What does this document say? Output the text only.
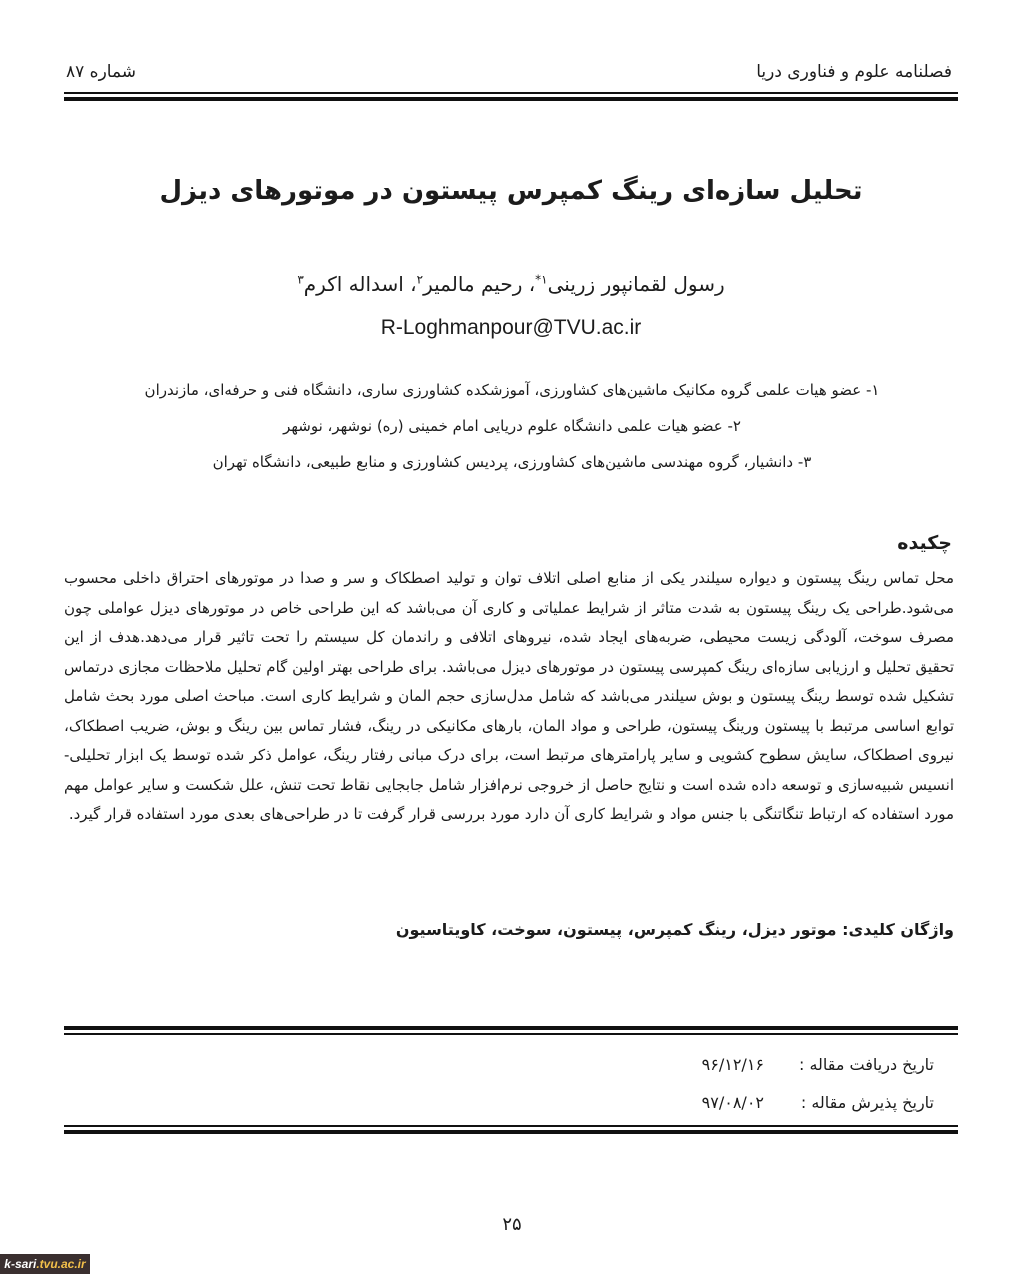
فصلنامه علوم و فناوری دریا
شماره ۸۷
تحلیل سازه‌ای رینگ کمپرس پیستون در موتورهای دیزل
رسول لقمانپور زرینی$^{۱*}$، رحیم مالمیر$^۲$، اسداله اکرم$^۳$
R-Loghmanpour@TVU.ac.ir
۱- عضو هیات علمی گروه مکانیک ماشین‌های کشاورزی، آموزشکده کشاورزی ساری، دانشگاه فنی و حرفه‌ای، مازندران
۲- عضو هیات علمی دانشگاه علوم دریایی امام خمینی (ره) نوشهر، نوشهر
۳- دانشیار، گروه مهندسی ماشین‌های کشاورزی، پردیس کشاورزی و منابع طبیعی، دانشگاه تهران
چکیده
محل تماس رینگ پیستون و دیواره سیلندر یکی از منابع اصلی اتلاف توان و تولید اصطکاک و سر و صدا در موتورهای احتراق داخلی محسوب می‌شود.طراحی یک رینگ پیستون به شدت متاثر از شرایط عملیاتی و کاری آن می‌باشد که این طراحی خاص در موتورهای دیزل عواملی چون مصرف سوخت، آلودگی زیست محیطی، ضربه‌های ایجاد شده، نیروهای اتلافی و راندمان کل سیستم را تحت تاثیر قرار می‌دهد.هدف از این تحقیق تحلیل و ارزیابی سازه‌ای رینگ کمپرسی پیستون در موتورهای دیزل می‌باشد. برای طراحی بهتر اولین گام تحلیل ملاحظات مجازی درتماس تشکیل شده توسط رینگ پیستون و بوش سیلندر می‌باشد که شامل مدل‌سازی حجم المان و شرایط کاری است. مباحث اصلی مورد بحث شامل توابع اساسی مرتبط با پیستون ورینگ پیستون، طراحی و مواد المان، بارهای مکانیکی در رینگ، فشار تماس بین رینگ و بوش، ضریب اصطکاک، نیروی اصطکاک، سایش سطوح کشویی و سایر پارامترهای مرتبط است، برای درک مبانی رفتار رینگ، عوامل ذکر شده توسط یک ابزار تحلیلی-انسیس شبیه‌سازی و توسعه داده شده است و نتایج حاصل از خروجی نرم‌افزار شامل جابجایی نقاط تحت تنش، علل شکست و سایر عوامل مهم مورد استفاده که ارتباط تنگاتنگی با جنس مواد و شرایط کاری آن دارد مورد بررسی قرار گرفت تا در طراحی‌های بعدی مورد استفاده قرار گیرد.
واژگان کلیدی: موتور دیزل، رینگ کمپرس، پیستون، سوخت، کاویتاسیون
تاریخ دریافت مقاله :۹۶/۱۲/۱۶
تاریخ پذیرش مقاله :۹۷/۰۸/۰۲
۲۵
k-sari.tvu.ac.ir
